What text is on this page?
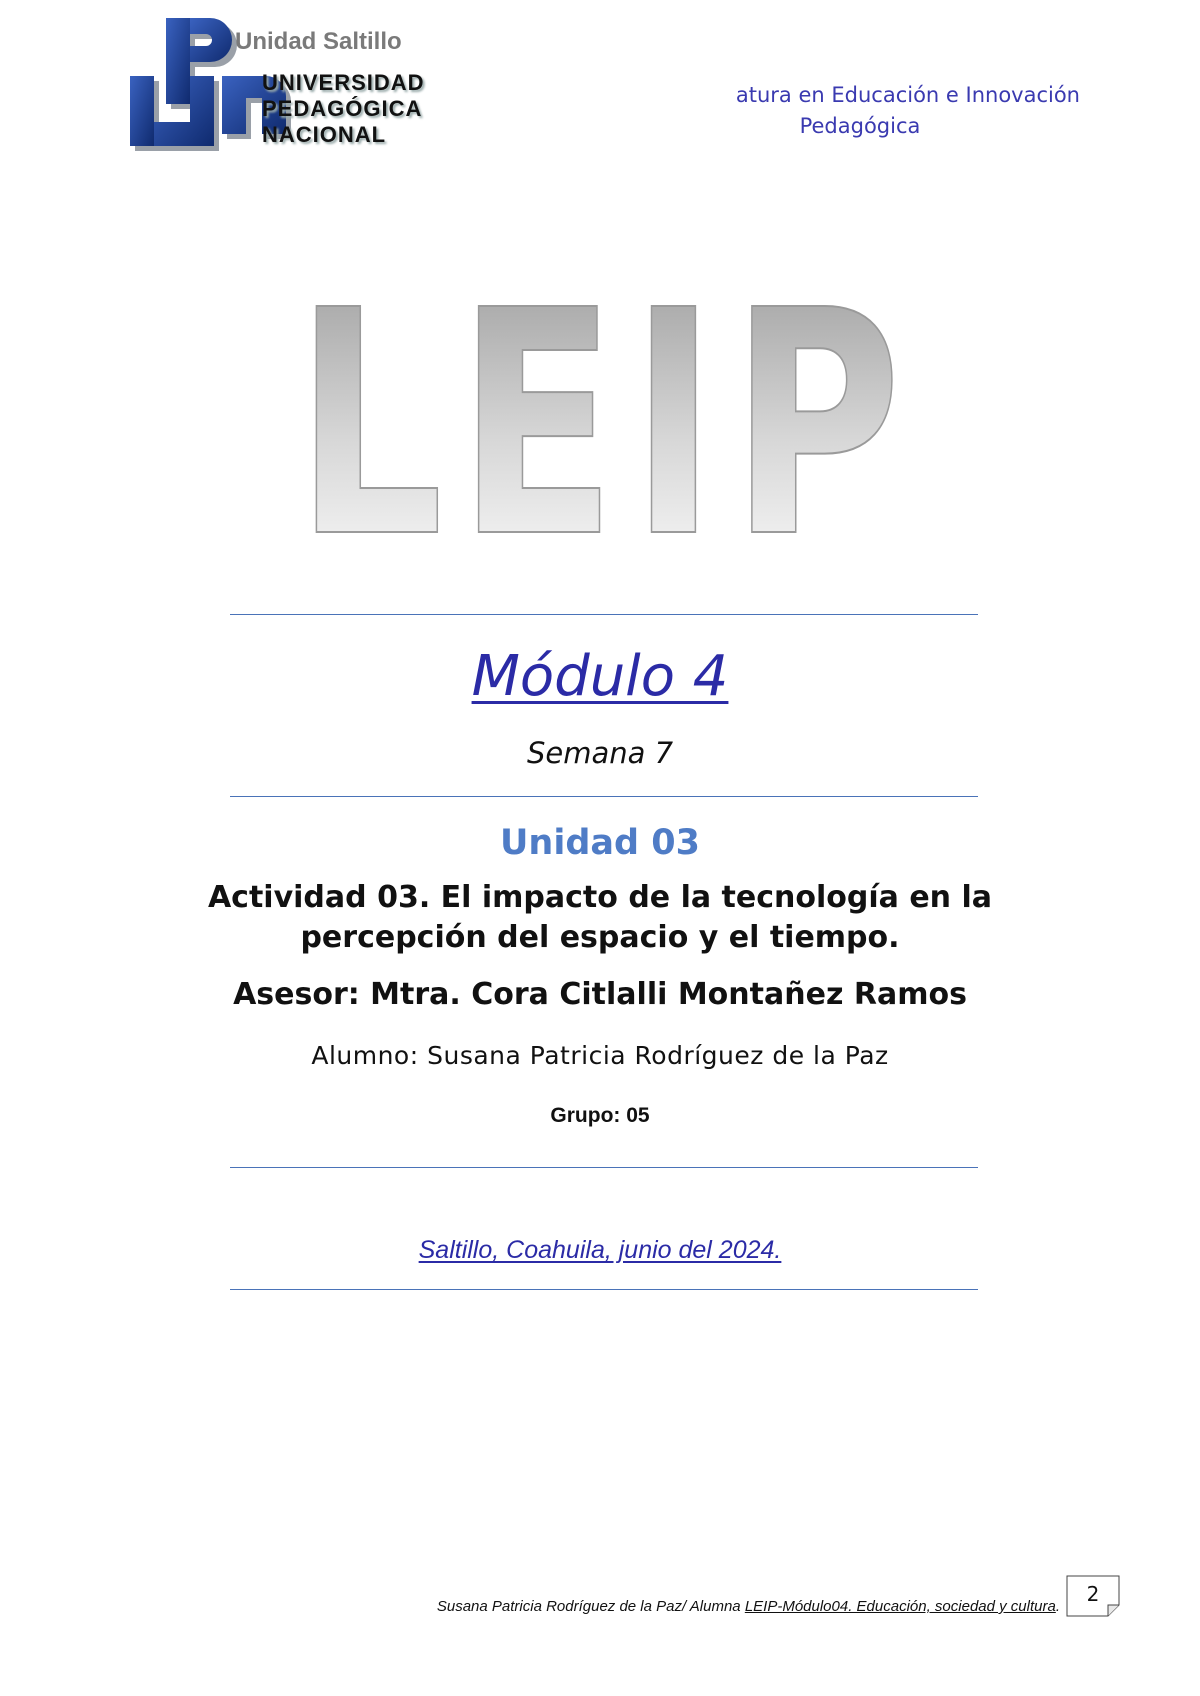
Unidad Saltillo
UNIVERSIDAD
PEDAGÓGICA
NACIONAL
atura en Educación e Innovación
Pedagógica
LEIP
Módulo 4
Semana 7
Unidad 03
Actividad 03. El impacto de la tecnología en la percepción del espacio y el tiempo.
Asesor: Mtra. Cora Citlalli Montañez Ramos
Alumno: Susana Patricia Rodríguez de la Paz
Grupo: 05
Saltillo, Coahuila, junio del 2024.
Susana Patricia Rodríguez de la Paz/ Alumna LEIP-Módulo04. Educación, sociedad y cultura.
2
